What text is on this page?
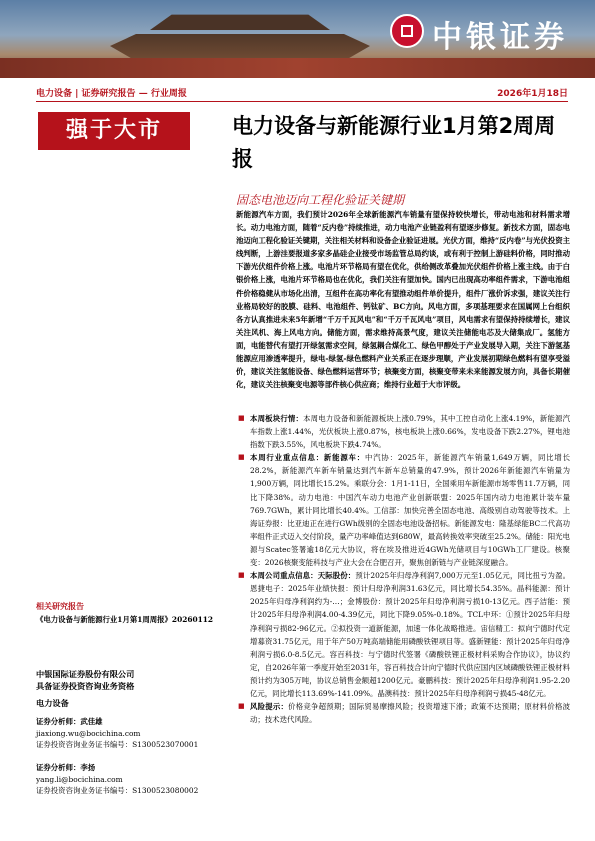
中银证券
电力设备 | 证券研究报告 — 行业周报	2026年1月18日
强于大市	电力设备与新能源行业1月第2周周报
固态电池迈向工程化验证关键期

新能源汽车方面，我们预计2026年全球新能源汽车销量有望保持较快增长，带动电池和材料需求增长。动力电池方面，随着“反内卷”持续推进，动力电池产业链盈利有望逐步修复。新技术方面，固态电池迈向工程化验证关键期，关注相关材料和设备企业验证进展。光伏方面，维持“反内卷”与光伏投资主线判断，上游洼要报道多家多晶硅企业接受市场监管总局约谈，或有利于控制上游硅料价格，同时推动下游光伏组件价格上涨。电池片环节格局有望在优化，供给侧改革叠加光伏组件价格上涨主线。由于白银价格上涨，电池片环节格局也在优化，我们关注有望加快。国内已出现高功率组件需求，下游电池组件价格稳健从市场化出清，互组件在高功率化有望推动组件单价提升，组件厂涨价诉求强，建议关注行业格局较好的胶膜、硅料、电池组件、钙钛矿、BC方向。风电方面，多项基理要求在国属网上台组织各方认真推进未来5年新增“千万千瓦风电”和“千万千瓦风电”项目，风电需求有望保持持续增长，建议关注风机、海上风电方向。储能方面，需求维持高景气度，建议关注储能电芯及大储集成厂。氢能方面，电能替代有望打开绿氢需求空间，绿氢耦合煤化工、绿色甲醇处于产业发展导入期，关注下游氢基能源应用渗透率提升，绿电-绿氢-绿色燃料产业关系正在逐步理顺，产业发展初期绿色燃料有望享受溢价，建议关注氢能设备、绿色燃料运营环节；核聚变方面，核聚变带来未来能源发展方向，具备长期催化，建议关注核聚变电源等部件核心供应商；维持行业超于大市评级。

■ 本周板块行情：本周电力设备和新能源板块上涨0.79%，其中工控自动化上涨4.19%，新能源汽车指数上涨1.44%，光伏板块上涨0.87%，核电板块上涨0.66%，发电设备下跌2.27%，锂电池指数下跌3.55%，风电板块下跌4.74%。
■ 本周行业重点信息：新能源车：中汽协：2025年，新能源汽车销量1,649万辆，同比增长28.2%，新能源汽车新车销量达到汽车新车总销量的47.9%，预计2026年新能源汽车销量为1,900万辆，同比增长15.2%。乘联分会：1月1-11日，全国乘用车新能源市场零售11.7万辆，同比下降38%。动力电池：中国汽车动力电池产业创新联盟：2025年国内动力电池累计装车量769.7GWh，累计同比增长40.4%。工信部：加快完善全固态电池、高级别自动驾驶等技术。上海证券报：比亚迪正在进行GWh级别的全固态电池设备招标。新能源发电：隆基绿能BC二代高功率组件正式迈入交付阶段，量产功率峰值达到680W，最高转换效率突破至25.2%。储能：阳光电源与Scatec签署逾18亿元大协议，将在埃及推进近4GWh光储项目与10GWh工厂建设。核聚变：2026核聚变能科技与产业大会在合肥召开，聚焦创新链与产业链深度融合。
■ 本周公司重点信息：天际股份：预计2025年归母净利润7,000万元至1.05亿元，同比扭亏为盈。恩捷电子：2025年业绩快报：预计归母净利润31.63亿元，同比增长54.35%。晶科能源：预计2025年归母净利润约为-…；金博股份：预计2025年归母净利润亏损10-13亿元。西子洁能：预计2025年归母净利润4.00-4.39亿元，同比下降9.05%-0.18%。TCL中环：①预计2025年归母净利润亏损82-96亿元。②拟投资一道新能源，加速一体化战略推进。宙信精工：拟向宁德时代定增募资31.75亿元，用于年产50万吨高端储能用磷酸铁锂项目等。盛新锂能：预计2025年归母净利润亏损6.0-8.5亿元。容百科技：与宁德时代签署《磷酸铁锂正极材料采购合作协议》，协议约定，自2026年第一季度开始至2031年，容百科技合计向宁德时代供应国内区域磷酸铁锂正极材料预计约为305万吨，协议总销售金额超1200亿元。豪鹏科技：预计2025年归母净利润1.95-2.20亿元，同比增长113.69%-141.09%。晶澳科技：预计2025年归母净利润亏损45-48亿元。
■ 风险提示：价格竞争超预期；国际贸易摩擦风险；投资增速下滑；政策不达预期；原材料价格波动；技术迭代风险。
相关研究报告
《电力设备与新能源行业1月第1周周报》20260112
中银国际证券股份有限公司
具备证券投资咨询业务资格
电力设备
证券分析师：武佳雄
jiaxiong.wu@bocichina.com
证券投资咨询业务证书编号：S1300523070001
证券分析师：李扬
yang.li@bocichina.com
证券投资咨询业务证书编号：S1300523080002
